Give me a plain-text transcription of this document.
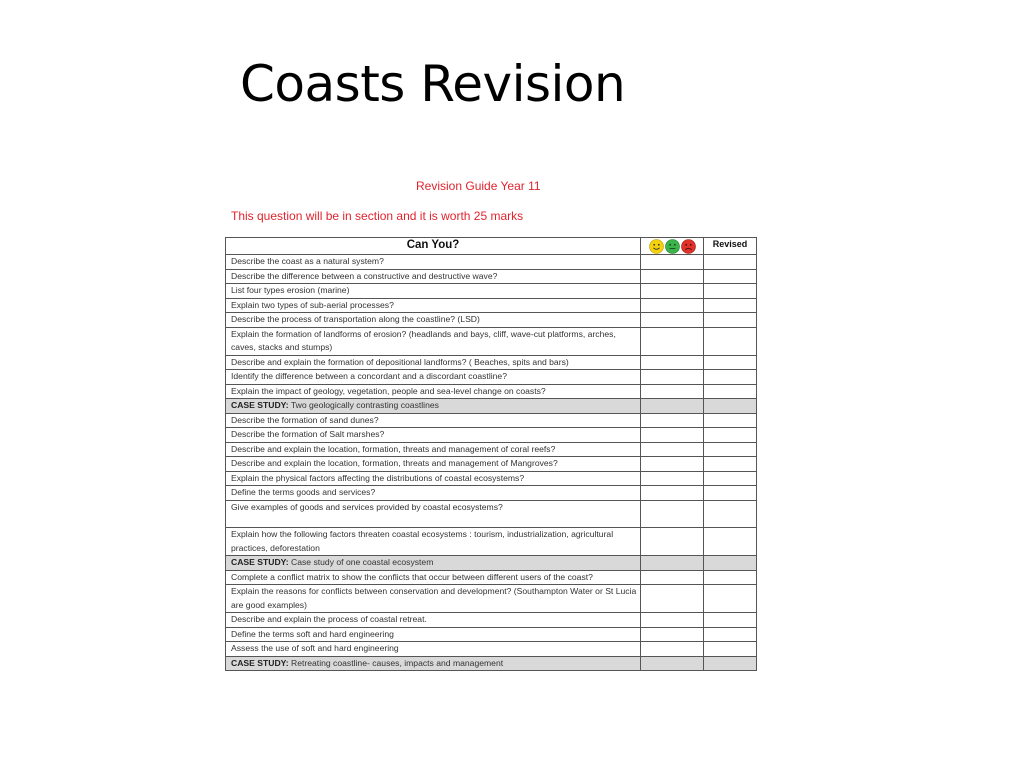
Coasts Revision

Revision Guide Year 11

This question will be in section and it is worth 25 marks

Can You?		Revised
Describe the coast as a natural system?		
Describe the difference between a constructive and destructive wave?		
List four types erosion (marine)		
Explain two types of sub-aerial processes?		
Describe the process of transportation along the coastline? (LSD)		
Explain the formation of landforms of erosion? (headlands and bays, cliff, wave-cut platforms, arches, caves, stacks and stumps)		
Describe and explain the formation of depositional landforms? ( Beaches, spits and bars)		
Identify the difference between a concordant and a discordant coastline?		
Explain the impact of geology, vegetation, people and sea-level change on coasts?		
CASE STUDY: Two geologically contrasting coastlines		
Describe the formation of sand dunes?		
Describe the formation of Salt marshes?		
Describe and explain the location, formation, threats and management of coral reefs?		
Describe and explain the location, formation, threats and management of Mangroves?		
Explain the physical factors affecting the distributions of coastal ecosystems?		
Define the terms goods and services?		
Give examples of goods and services provided by coastal ecosystems?

Explain how the following factors threaten coastal ecosystems : tourism, industrialization, agricultural practices, deforestation		
CASE STUDY: Case study of one coastal ecosystem		
Complete a conflict matrix to show the conflicts that occur between different users of the coast?		
Explain the reasons for conflicts between conservation and development? (Southampton Water or St Lucia are good examples)		
Describe and explain the process of coastal retreat.		
Define the terms soft and hard engineering		
Assess the use of soft and hard engineering		
CASE STUDY: Retreating coastline- causes, impacts and management		
